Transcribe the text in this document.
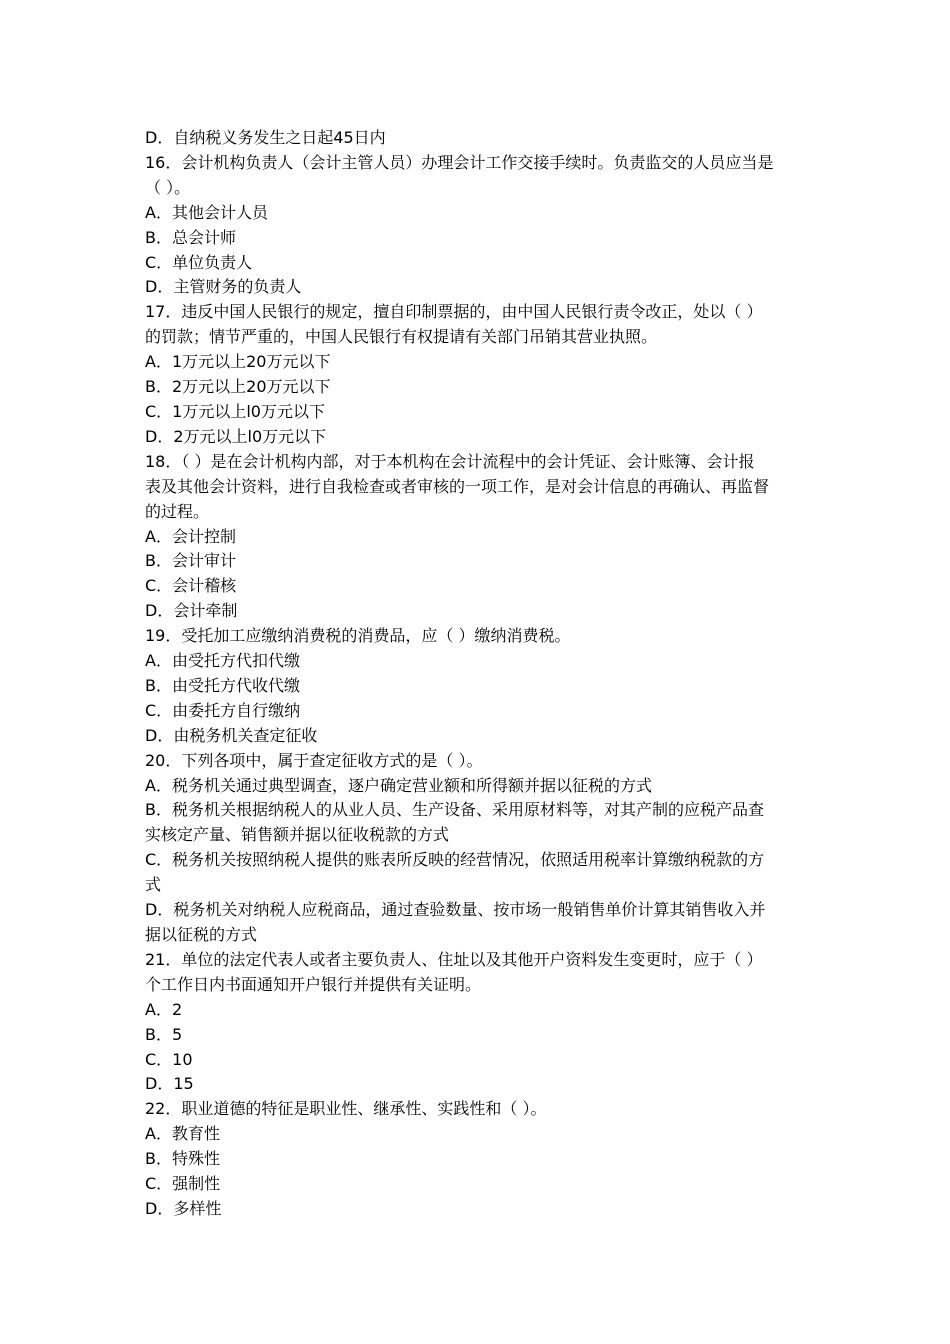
D．自纳税义务发生之日起45日内
16．会计机构负责人（会计主管人员）办理会计工作交接手续时。负责监交的人员应当是
（ ）。
A．其他会计人员
B．总会计师
C．单位负责人
D．主管财务的负责人
17．违反中国人民银行的规定，擅自印制票据的，由中国人民银行责令改正，处以（ ）
的罚款；情节严重的，中国人民银行有权提请有关部门吊销其营业执照。
A．1万元以上20万元以下
B．2万元以上20万元以下
C．1万元以上l0万元以下
D．2万元以上l0万元以下
18．（ ）是在会计机构内部，对于本机构在会计流程中的会计凭证、会计账簿、会计报
表及其他会计资料，进行自我检查或者审核的一项工作，是对会计信息的再确认、再监督
的过程。
A．会计控制
B．会计审计
C．会计稽核
D．会计牵制
19．受托加工应缴纳消费税的消费品，应（ ）缴纳消费税。
A．由受托方代扣代缴
B．由受托方代收代缴
C．由委托方自行缴纳
D．由税务机关查定征收
20．下列各项中，属于查定征收方式的是（ ）。
A．税务机关通过典型调查，逐户确定营业额和所得额并据以征税的方式
B．税务机关根据纳税人的从业人员、生产设备、采用原材料等，对其产制的应税产品查
实核定产量、销售额并据以征收税款的方式
C．税务机关按照纳税人提供的账表所反映的经营情况，依照适用税率计算缴纳税款的方
式
D．税务机关对纳税人应税商品，通过查验数量、按市场一般销售单价计算其销售收入并
据以征税的方式
21．单位的法定代表人或者主要负责人、住址以及其他开户资料发生变更时，应于（ ）
个工作日内书面通知开户银行并提供有关证明。
A．2
B．5
C．10
D．15
22．职业道德的特征是职业性、继承性、实践性和（ ）。
A．教育性
B．特殊性
C．强制性
D．多样性
